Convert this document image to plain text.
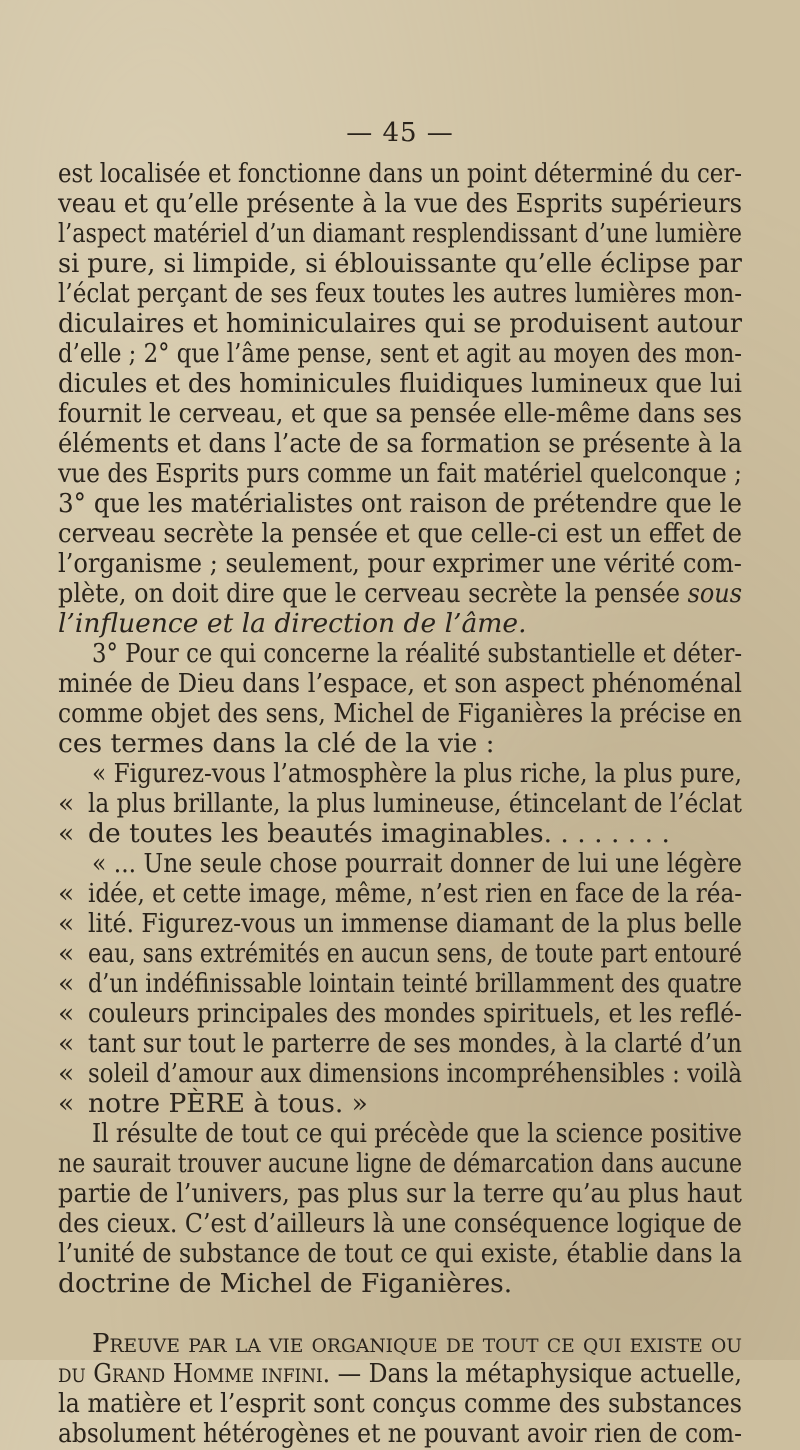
— 45 —
est localisée et fonctionne dans un point déterminé du cer-
veau et qu’elle présente à la vue des Esprits supérieurs
l’aspect matériel d’un diamant resplendissant d’une lumière
si pure, si limpide, si éblouissante qu’elle éclipse par
l’éclat perçant de ses feux toutes les autres lumières mon-
diculaires et hominiculaires qui se produisent autour
d’elle ; 2° que l’âme pense, sent et agit au moyen des mon-
dicules et des hominicules fluidiques lumineux que lui
fournit le cerveau, et que sa pensée elle-même dans ses
éléments et dans l’acte de sa formation se présente à la
vue des Esprits purs comme un fait matériel quelconque ;
3° que les matérialistes ont raison de prétendre que le
cerveau secrète la pensée et que celle-ci est un effet de
l’organisme ; seulement, pour exprimer une vérité com-
plète, on doit dire que le cerveau secrète la pensée sous
l’influence et la direction de l’âme.
3° Pour ce qui concerne la réalité substantielle et déter-
minée de Dieu dans l’espace, et son aspect phénoménal
comme objet des sens, Michel de Figanières la précise en
ces termes dans la clé de la vie :
« Figurez-vous l’atmosphère la plus riche, la plus pure,
« la plus brillante, la plus lumineuse, étincelant de l’éclat
« de toutes les beautés imaginables. . . . . . . .
« ... Une seule chose pourrait donner de lui une légère
« idée, et cette image, même, n’est rien en face de la réa-
« lité. Figurez-vous un immense diamant de la plus belle
« eau, sans extrémités en aucun sens, de toute part entouré
« d’un indéfinissable lointain teinté brillamment des quatre
« couleurs principales des mondes spirituels, et les reflé-
« tant sur tout le parterre de ses mondes, à la clarté d’un
« soleil d’amour aux dimensions incompréhensibles : voilà
« notre PÈRE à tous. »
Il résulte de tout ce qui précède que la science positive
ne saurait trouver aucune ligne de démarcation dans aucune
partie de l’univers, pas plus sur la terre qu’au plus haut
des cieux. C’est d’ailleurs là une conséquence logique de
l’unité de substance de tout ce qui existe, établie dans la
doctrine de Michel de Figanières.
Preuve par la vie organique de tout ce qui existe ou
du Grand Homme infini. — Dans la métaphysique actuelle,
la matière et l’esprit sont conçus comme des substances
absolument hétérogènes et ne pouvant avoir rien de com-
